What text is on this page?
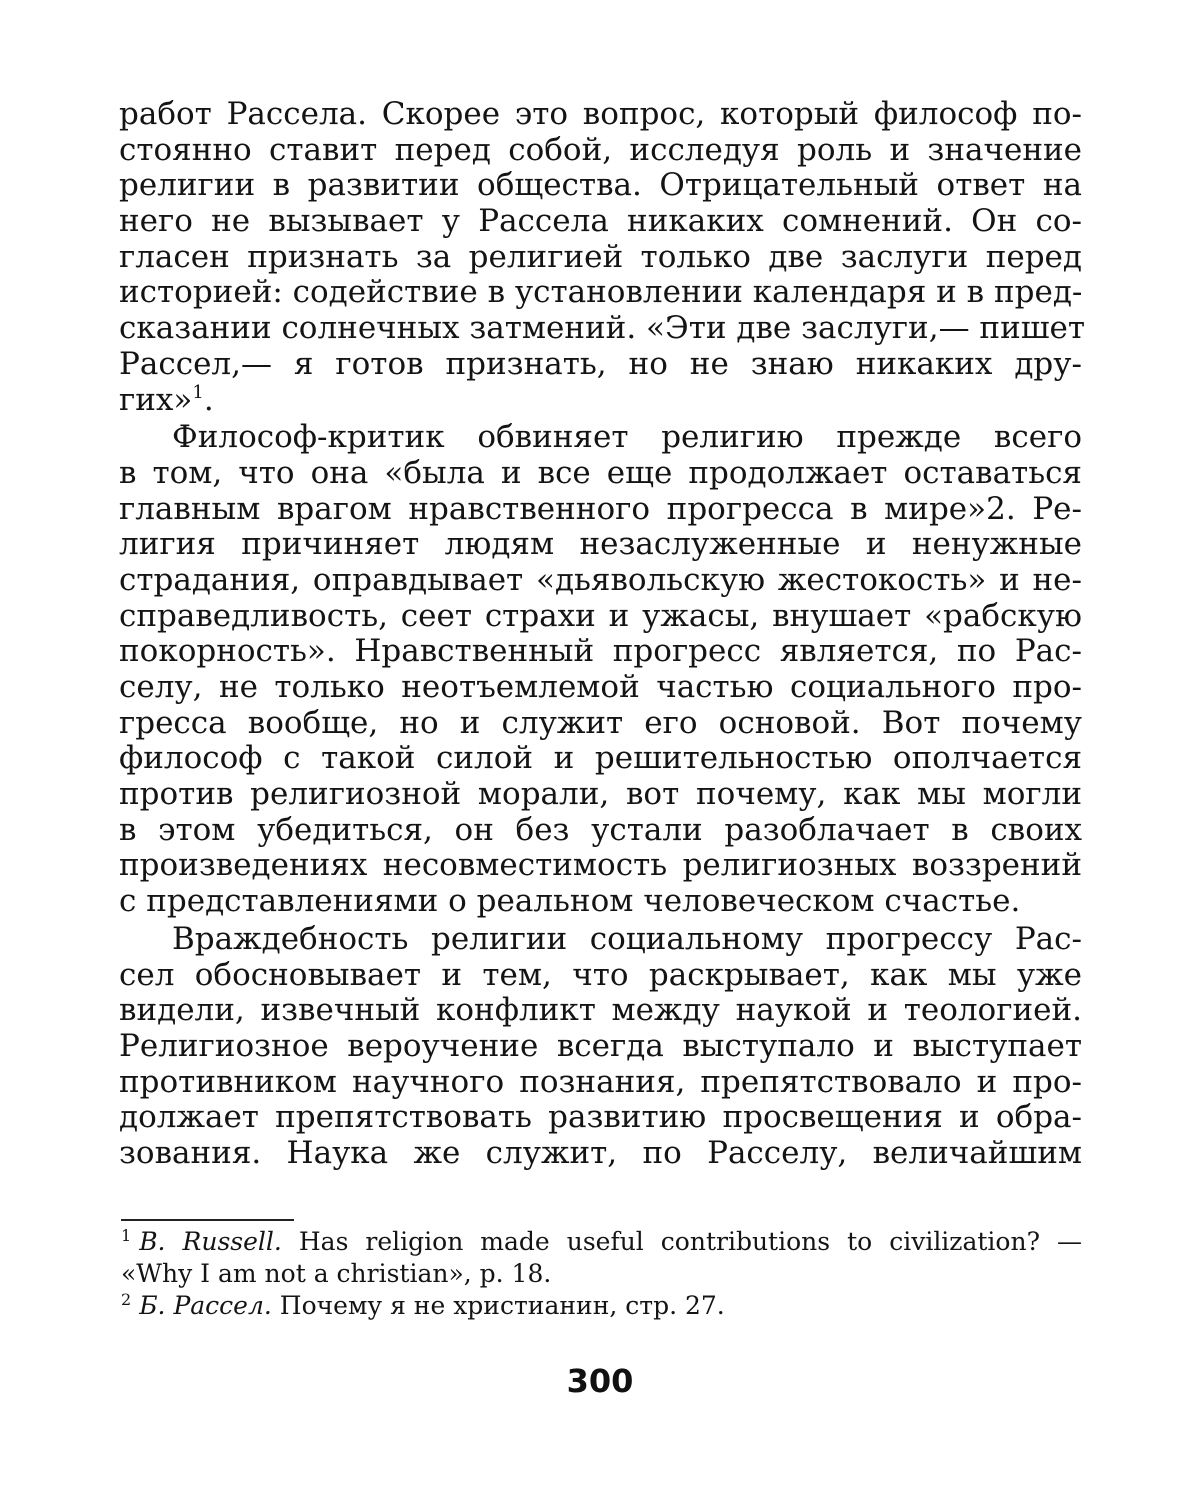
работ Рассела. Скорее это вопрос, который философ по-
стоянно ставит перед собой, исследуя роль и значение
религии в развитии общества. Отрицательный ответ на
него не вызывает у Рассела никаких сомнений. Он со-
гласен признать за религией только две заслуги перед
историей: содействие в установлении календаря и в пред-
сказании солнечных затмений. «Эти две заслуги,— пишет
Рассел,— я готов признать, но не знаю никаких дру-
гих»$^1$.
Философ-критик обвиняет религию прежде всего
в том, что она «была и все еще продолжает оставаться
главным врагом нравственного прогресса в мире»2. Ре-
лигия причиняет людям незаслуженные и ненужные
страдания, оправдывает «дьявольскую жестокость» и не-
справедливость, сеет страхи и ужасы, внушает «рабскую
покорность». Нравственный прогресс является, по Рас-
селу, не только неотъемлемой частью социального про-
гресса вообще, но и служит его основой. Вот почему
философ с такой силой и решительностью ополчается
против религиозной морали, вот почему, как мы могли
в этом убедиться, он без устали разоблачает в своих
произведениях несовместимость религиозных воззрений
с представлениями о реальном человеческом счастье.
Враждебность религии социальному прогрессу Рас-
сел обосновывает и тем, что раскрывает, как мы уже
видели, извечный конфликт между наукой и теологией.
Религиозное вероучение всегда выступало и выступает
противником научного познания, препятствовало и про-
должает препятствовать развитию просвещения и обра-
зования. Наука же служит, по Расселу, величайшим
$^1$ B. Russell. Has religion made useful contributions to civilization? —
«Why I am not a christian», p. 18.
$^2$ Б. Рассел. Почему я не христианин, стр. 27.
300
